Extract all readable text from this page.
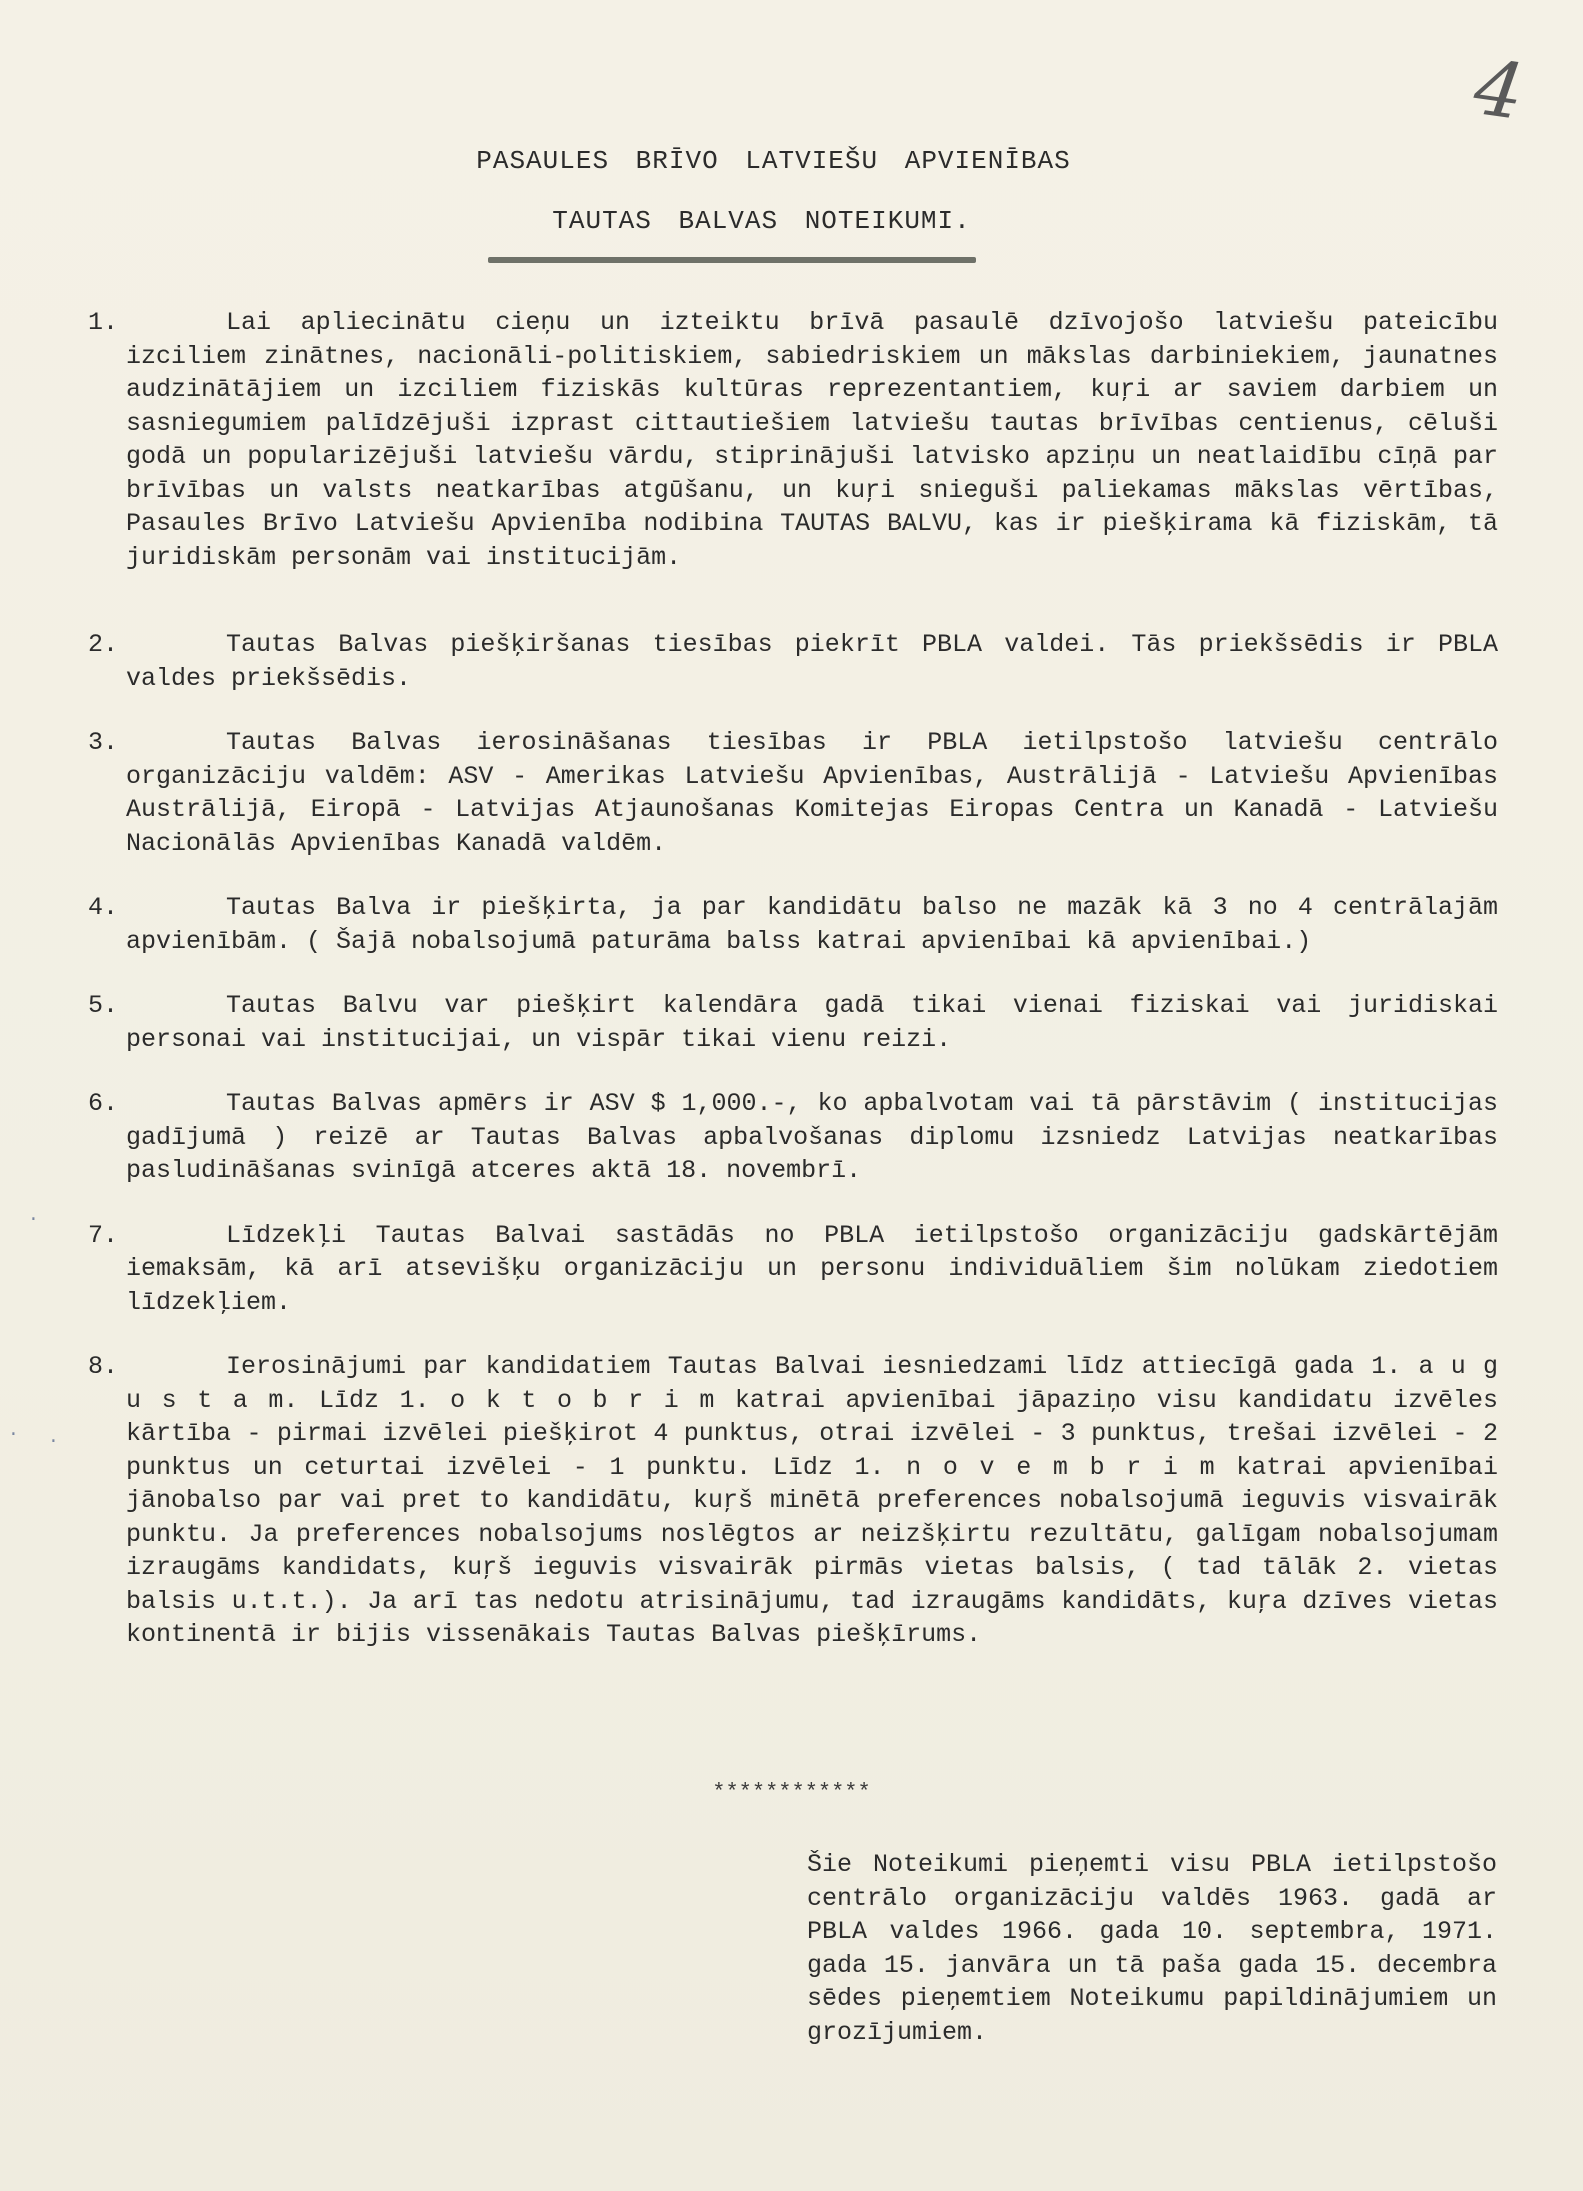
4
PASAULES BRĪVO LATVIEŠU APVIENĪBAS
TAUTAS BALVAS NOTEIKUMI.
1.	Lai apliecinātu cieņu un izteiktu brīvā pasaulē dzīvojošo latviešu pateicību izciliem zinātnes, nacionāli-politiskiem, sabiedriskiem un mākslas darbiniekiem, jaunatnes audzinātājiem un izciliem fiziskās kultūras reprezentantiem, kuŗi ar saviem darbiem un sasniegumiem palīdzējuši izprast cittautiešiem latviešu tautas brīvības centienus, cēluši godā un popularizējuši latviešu vārdu, stiprinājuši latvisko apziņu un neatlaidību cīņā par brīvības un valsts neatkarības atgūšanu, un kuŗi snieguši paliekamas mākslas vērtības, Pasaules Brīvo Latviešu Apvienība nodibina TAUTAS BALVU, kas ir piešķirama kā fiziskām, tā juridiskām personām vai institucijām.
2.	Tautas Balvas piešķiršanas tiesības piekrīt PBLA valdei. Tās priekšsēdis ir PBLA valdes priekšsēdis.
3.	Tautas Balvas ierosināšanas tiesības ir PBLA ietilpstošo latviešu centrālo organizāciju valdēm: ASV - Amerikas Latviešu Apvienības, Austrālijā - Latviešu Apvienības Austrālijā, Eiropā - Latvijas Atjaunošanas Komitejas Eiropas Centra un Kanadā - Latviešu Nacionālās Apvienības Kanadā valdēm.
4.	Tautas Balva ir piešķirta, ja par kandidātu balso ne mazāk kā 3 no 4 centrālajām apvienībām. ( Šajā nobalsojumā paturāma balss katrai apvienībai kā apvienībai.)
5.	Tautas Balvu var piešķirt kalendāra gadā tikai vienai fiziskai vai juridiskai personai vai institucijai, un vispār tikai vienu reizi.
6.	Tautas Balvas apmērs ir ASV $ 1,000.-, ko apbalvotam vai tā pārstāvim ( institucijas gadījumā ) reizē ar Tautas Balvas apbalvošanas diplomu izsniedz Latvijas neatkarības pasludināšanas svinīgā atceres aktā 18. novembrī.
7.	Līdzekļi Tautas Balvai sastādās no PBLA ietilpstošo organizāciju gadskārtējām iemaksām, kā arī atsevišķu organizāciju un personu individuāliem šim nolūkam ziedotiem līdzekļiem.
8.	Ierosinājumi par kandidatiem Tautas Balvai iesniedzami līdz attiecīgā gada 1. a u g u s t a m. Līdz 1. o k t o b r i m katrai apvienībai jāpaziņo visu kandidatu izvēles kārtība - pirmai izvēlei piešķirot 4 punktus, otrai izvēlei - 3 punktus, trešai izvēlei - 2 punktus un ceturtai izvēlei - 1 punktu. Līdz 1. n o v e m b r i m katrai apvienībai jānobalso par vai pret to kandidātu, kuŗš minētā preferences nobalsojumā ieguvis visvairāk punktu. Ja preferences nobalsojums noslēgtos ar neizšķirtu rezultātu, galīgam nobalsojumam izraugāms kandidats, kuŗš ieguvis visvairāk pirmās vietas balsis, ( tad tālāk 2. vietas balsis u.t.t.). Ja arī tas nedotu atrisinājumu, tad izraugāms kandidāts, kuŗa dzīves vietas kontinentā ir bijis vissenākais Tautas Balvas piešķīrums.
************
Šie Noteikumi pieņemti visu PBLA ietilpstošo centrālo organizāciju valdēs 1963. gadā ar PBLA valdes 1966. gada 10. septembra, 1971. gada 15. janvāra un tā paša gada 15. decembra sēdes pieņemtiem Noteikumu papildinājumiem un grozījumiem.
·
· ·
